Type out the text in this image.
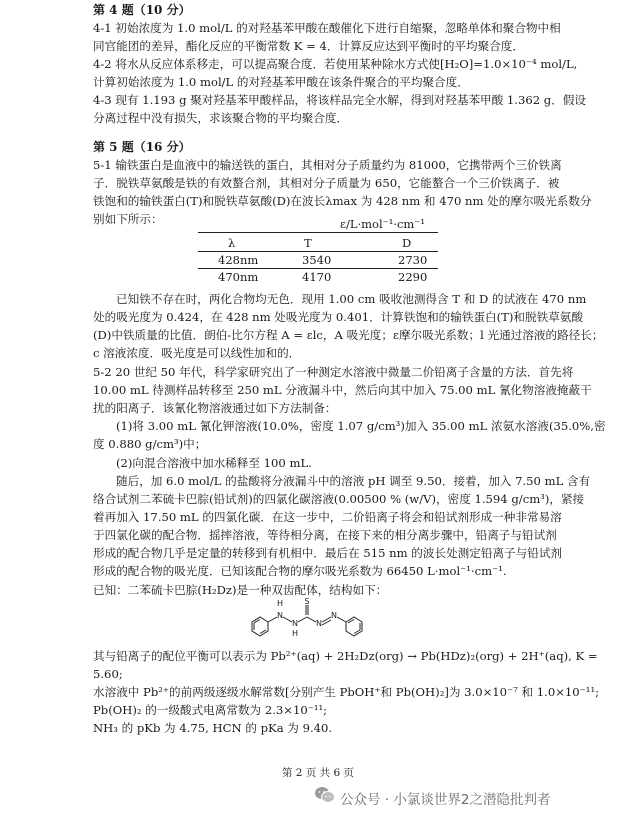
第 4 题（10 分）
4-1 初始浓度为 1.0 mol/L 的对羟基苯甲酸在酸催化下进行自缩聚，忽略单体和聚合物中相
同官能团的差异，酯化反应的平衡常数 K = 4．计算反应达到平衡时的平均聚合度．
4-2 将水从反应体系移走，可以提高聚合度．若使用某种除水方式使[H₂O]=1.0×10⁻⁴ mol/L,
计算初始浓度为 1.0 mol/L 的对羟基苯甲酸在该条件聚合的平均聚合度．
4-3 现有 1.193 g 聚对羟基苯甲酸样品，将该样品完全水解，得到对羟基苯甲酸 1.362 g．假设
分离过程中没有损失，求该聚合物的平均聚合度．
第 5 题（16 分）
5-1 输铁蛋白是血液中的输送铁的蛋白，其相对分子质量约为 81000，它携带两个三价铁离
子．脱铁草氨酸是铁的有效螯合剂，其相对分子质量为 650，它能螯合一个三价铁离子．被
铁饱和的输铁蛋白(T)和脱铁草氨酸(D)在波长λmax 为 428 nm 和 470 nm 处的摩尔吸光系数分
别如下所示：	ε/L·mol⁻¹·cm⁻¹
λ	T	D
428nm	3540	2730
470nm	4170	2290
已知铁不存在时，两化合物均无色．现用 1.00 cm 吸收池测得含 T 和 D 的试液在 470 nm
处的吸光度为 0.424，在 428 nm 处吸光度为 0.401．计算铁饱和的输铁蛋白(T)和脱铁草氨酸
(D)中铁质量的比值．朗伯-比尔方程 A = εlc，A 吸光度；ε摩尔吸光系数；l 光通过溶液的路径长；
c 溶液浓度．吸光度是可以线性加和的．
5-2 20 世纪 50 年代，科学家研究出了一种测定水溶液中微量二价铅离子含量的方法．首先将
10.00 mL 待测样品转移至 250 mL 分液漏斗中，然后向其中加入 75.00 mL 氰化物溶液掩蔽干
扰的阳离子．该氰化物溶液通过如下方法制备：
(1)将 3.00 mL 氰化钾溶液(10.0%，密度 1.07 g/cm³)加入 35.00 mL 浓氨水溶液(35.0%,密
度 0.880 g/cm³)中；
(2)向混合溶液中加水稀释至 100 mL.
随后，加 6.0 mol/L 的盐酸将分液漏斗中的溶液 pH 调至 9.50．接着，加入 7.50 mL 含有
络合试剂二苯硫卡巴腙(铅试剂)的四氯化碳溶液(0.00500 % (w/V)，密度 1.594 g/cm³)，紧接
着再加入 17.50 mL 的四氯化碳．在这一步中，二价铅离子将会和铅试剂形成一种非常易溶
于四氯化碳的配合物．摇摔溶液，等待相分离，在接下来的相分离步骤中，铅离子与铅试剂
形成的配合物几乎是定量的转移到有机相中．最后在 515 nm 的波长处测定铅离子与铅试剂
形成的配合物的吸光度．已知该配合物的摩尔吸光系数为 66450 L·mol⁻¹·cm⁻¹.
已知：二苯硫卡巴腙(H₂Dz)是一种双齿配体，结构如下：
H
N
S
N
H
N
N
其与铅离子的配位平衡可以表示为 Pb²⁺(aq) + 2H₂Dz(org) → Pb(HDz)₂(org) + 2H⁺(aq), K =
5.60;
水溶液中 Pb²⁺的前两级逐级水解常数[分别产生 PbOH⁺和 Pb(OH)₂]为 3.0×10⁻⁷ 和 1.0×10⁻¹¹;
Pb(OH)₂ 的一级酸式电离常数为 2.3×10⁻¹¹;
NH₃ 的 pKb 为 4.75, HCN 的 pKa 为 9.40.
第 2 页 共 6 页
公众号 · 小氯谈世界2之潜隐批判者
